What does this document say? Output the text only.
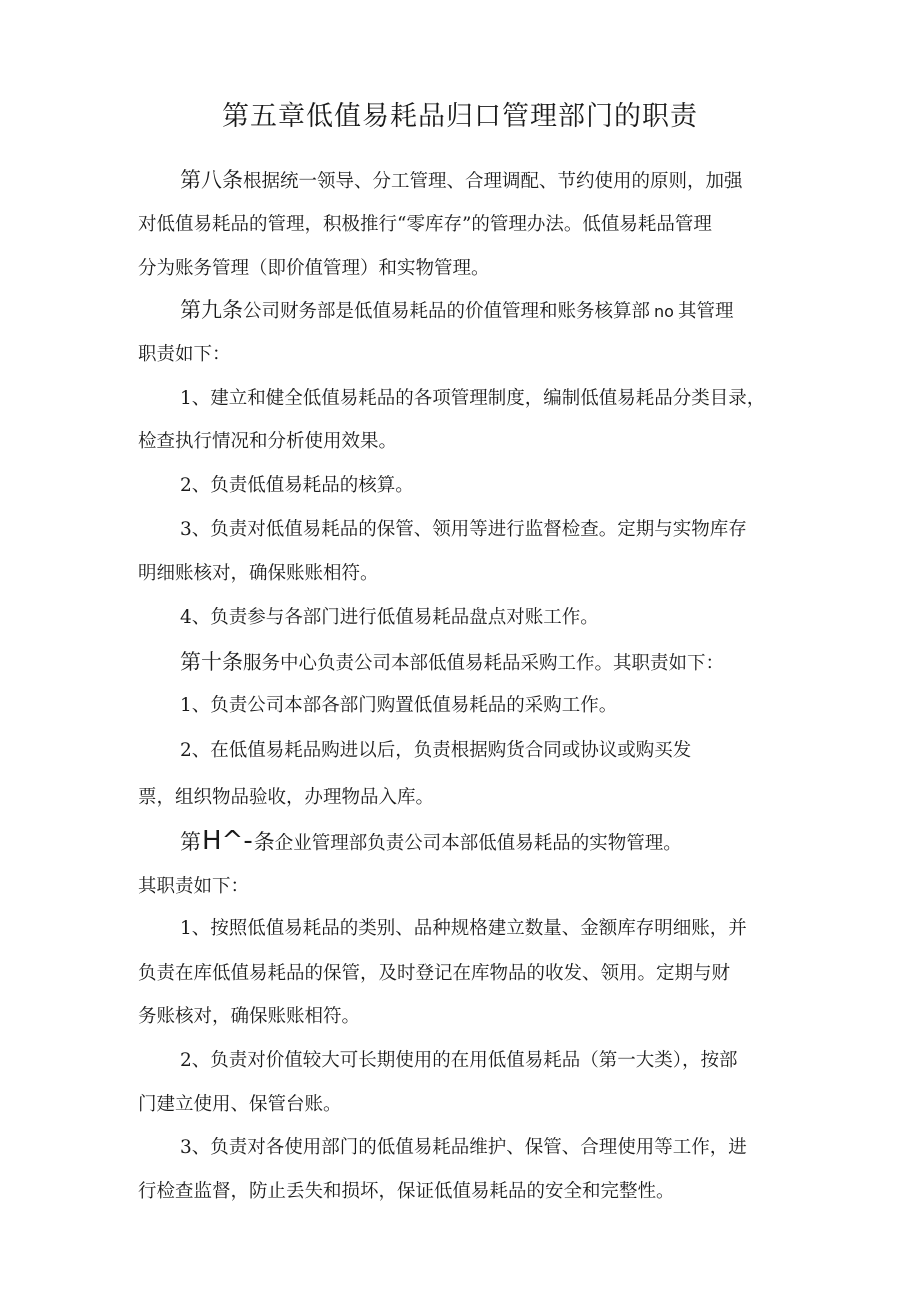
第五章低值易耗品归口管理部门的职责
第八条根据统一领导、分工管理、合理调配、节约使用的原则，加强
对低值易耗品的管理，积极推行“零库存”的管理办法。低值易耗品管理
分为账务管理（即价值管理）和实物管理。
第九条公司财务部是低值易耗品的价值管理和账务核算部 no 其管理
职责如下：
1、建立和健全低值易耗品的各项管理制度，编制低值易耗品分类目录，
检查执行情况和分析使用效果。
2、负责低值易耗品的核算。
3、负责对低值易耗品的保管、领用等进行监督检查。定期与实物库存
明细账核对，确保账账相符。
4、负责参与各部门进行低值易耗品盘点对账工作。
第十条服务中心负责公司本部低值易耗品采购工作。其职责如下：
1、负责公司本部各部门购置低值易耗品的采购工作。
2、在低值易耗品购进以后，负责根据购货合同或协议或购买发
票，组织物品验收，办理物品入库。
第H^-条企业管理部负责公司本部低值易耗品的实物管理。
其职责如下：
1、按照低值易耗品的类别、品种规格建立数量、金额库存明细账，并
负责在库低值易耗品的保管，及时登记在库物品的收发、领用。定期与财
务账核对，确保账账相符。
2、负责对价值较大可长期使用的在用低值易耗品（第一大类），按部
门建立使用、保管台账。
3、负责对各使用部门的低值易耗品维护、保管、合理使用等工作，进
行检查监督，防止丢失和损坏，保证低值易耗品的安全和完整性。
